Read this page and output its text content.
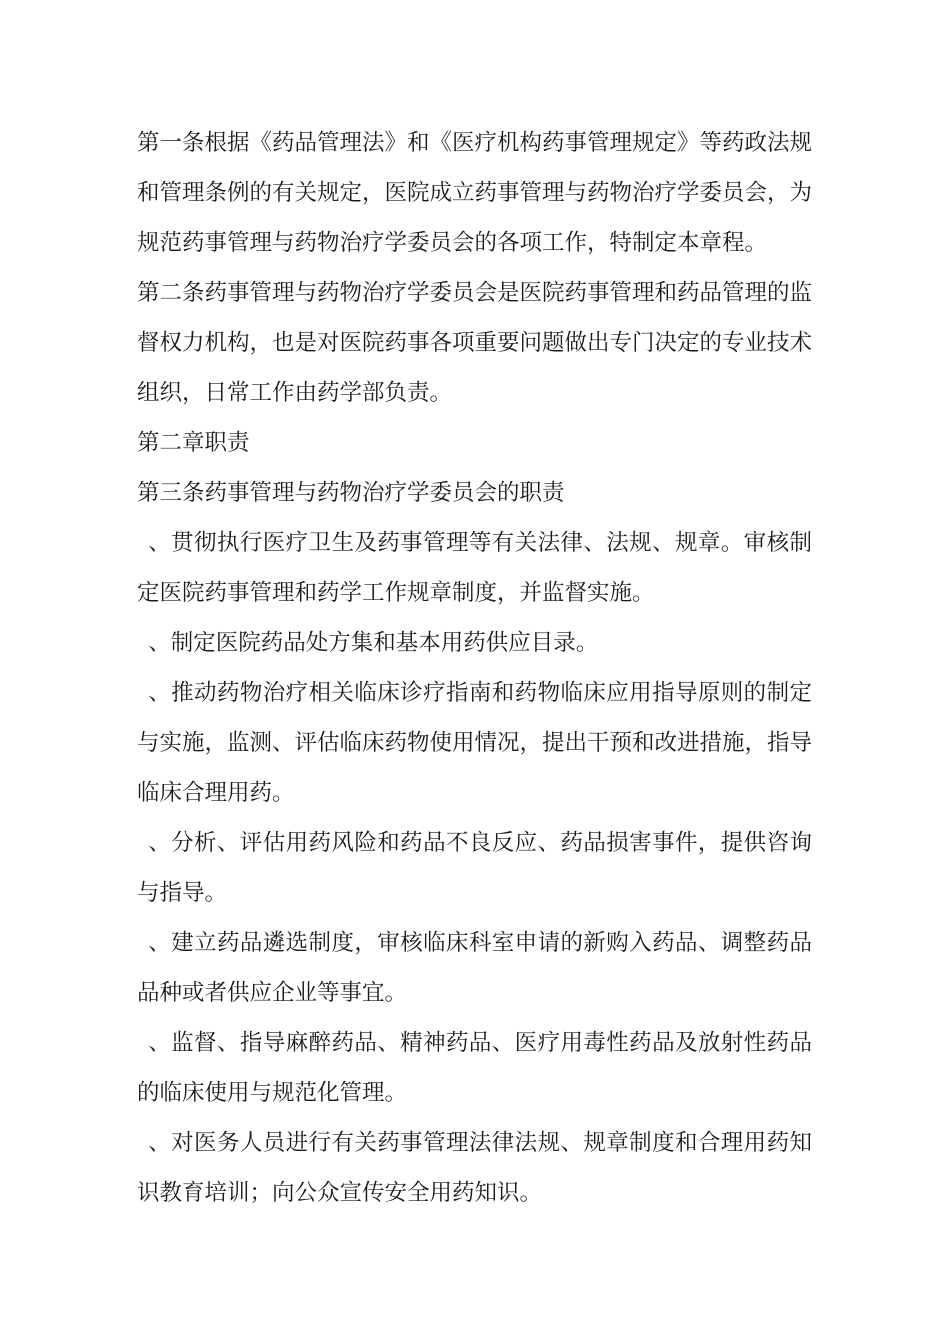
第一条根据《药品管理法》和《医疗机构药事管理规定》等药政法规和管理条例的有关规定，医院成立药事管理与药物治疗学委员会，为规范药事管理与药物治疗学委员会的各项工作，特制定本章程。

第二条药事管理与药物治疗学委员会是医院药事管理和药品管理的监督权力机构，也是对医院药事各项重要问题做出专门决定的专业技术组织，日常工作由药学部负责。

第二章职责

第三条药事管理与药物治疗学委员会的职责

、贯彻执行医疗卫生及药事管理等有关法律、法规、规章。审核制定医院药事管理和药学工作规章制度，并监督实施。

、制定医院药品处方集和基本用药供应目录。

、推动药物治疗相关临床诊疗指南和药物临床应用指导原则的制定与实施，监测、评估临床药物使用情况，提出干预和改进措施，指导临床合理用药。

、分析、评估用药风险和药品不良反应、药品损害事件，提供咨询与指导。

、建立药品遴选制度，审核临床科室申请的新购入药品、调整药品品种或者供应企业等事宜。

、监督、指导麻醉药品、精神药品、医疗用毒性药品及放射性药品的临床使用与规范化管理。

、对医务人员进行有关药事管理法律法规、规章制度和合理用药知识教育培训；向公众宣传安全用药知识。
